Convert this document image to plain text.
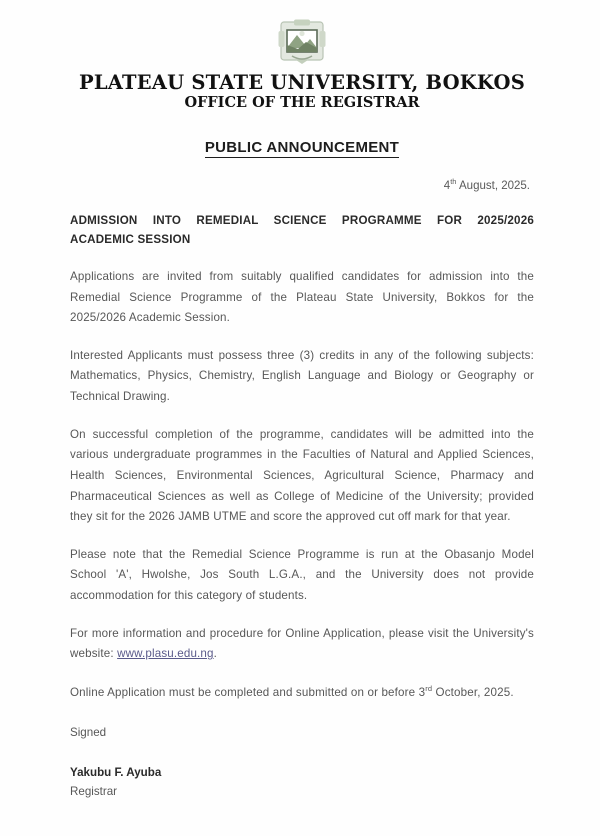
PLATEAU STATE UNIVERSITY, BOKKOS
OFFICE OF THE REGISTRAR
PUBLIC ANNOUNCEMENT
4th August, 2025.
ADMISSION INTO REMEDIAL SCIENCE PROGRAMME FOR 2025/2026
ACADEMIC SESSION

Applications are invited from suitably qualified candidates for admission into the Remedial Science Programme of the Plateau State University, Bokkos for the 2025/2026 Academic Session.

Interested Applicants must possess three (3) credits in any of the following subjects: Mathematics, Physics, Chemistry, English Language and Biology or Geography or Technical Drawing.

On successful completion of the programme, candidates will be admitted into the various undergraduate programmes in the Faculties of Natural and Applied Sciences, Health Sciences, Environmental Sciences, Agricultural Science, Pharmacy and Pharmaceutical Sciences as well as College of Medicine of the University; provided they sit for the 2026 JAMB UTME and score the approved cut off mark for that year.

Please note that the Remedial Science Programme is run at the Obasanjo Model School 'A', Hwolshe, Jos South L.G.A., and the University does not provide accommodation for this category of students.

For more information and procedure for Online Application, please visit the University's website: www.plasu.edu.ng.

Online Application must be completed and submitted on or before 3rd October, 2025.

Signed

Yakubu F. Ayuba

Registrar
